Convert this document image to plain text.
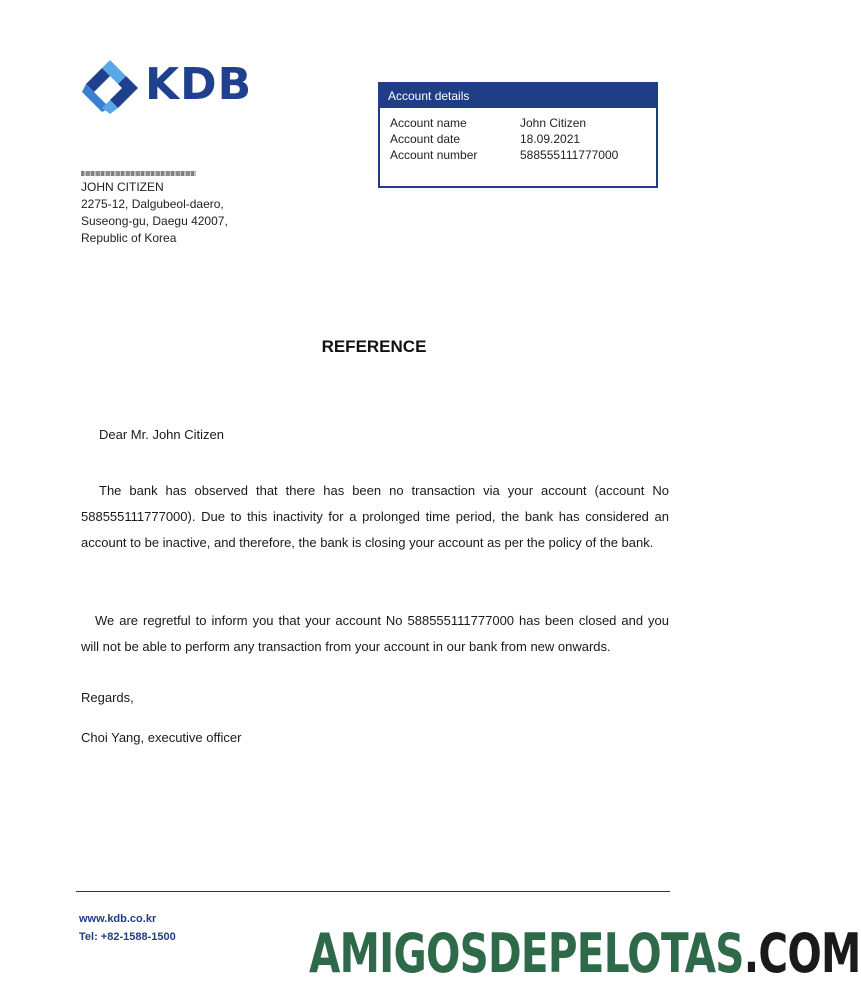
KDB	Account details
Account name	John Citizen
Account date	18.09.2021
Account number	588555111777000
JOHN CITIZEN
2275-12, Dalgubeol-daero,
Suseong-gu, Daegu 42007,
Republic of Korea
REFERENCE
Dear Mr. John Citizen
The bank has observed that there has been no transaction via your account (account No 588555111777000). Due to this inactivity for a prolonged time period, the bank has considered an account to be inactive, and therefore, the bank is closing your account as per the policy of the bank.
We are regretful to inform you that your account No 588555111777000 has been closed and you will not be able to perform any transaction from your account in our bank from new onwards.
Regards,
Choi Yang, executive officer
www.kdb.co.kr
Tel: +82-1588-1500 AMIGOSDEPELOTAS.COM
